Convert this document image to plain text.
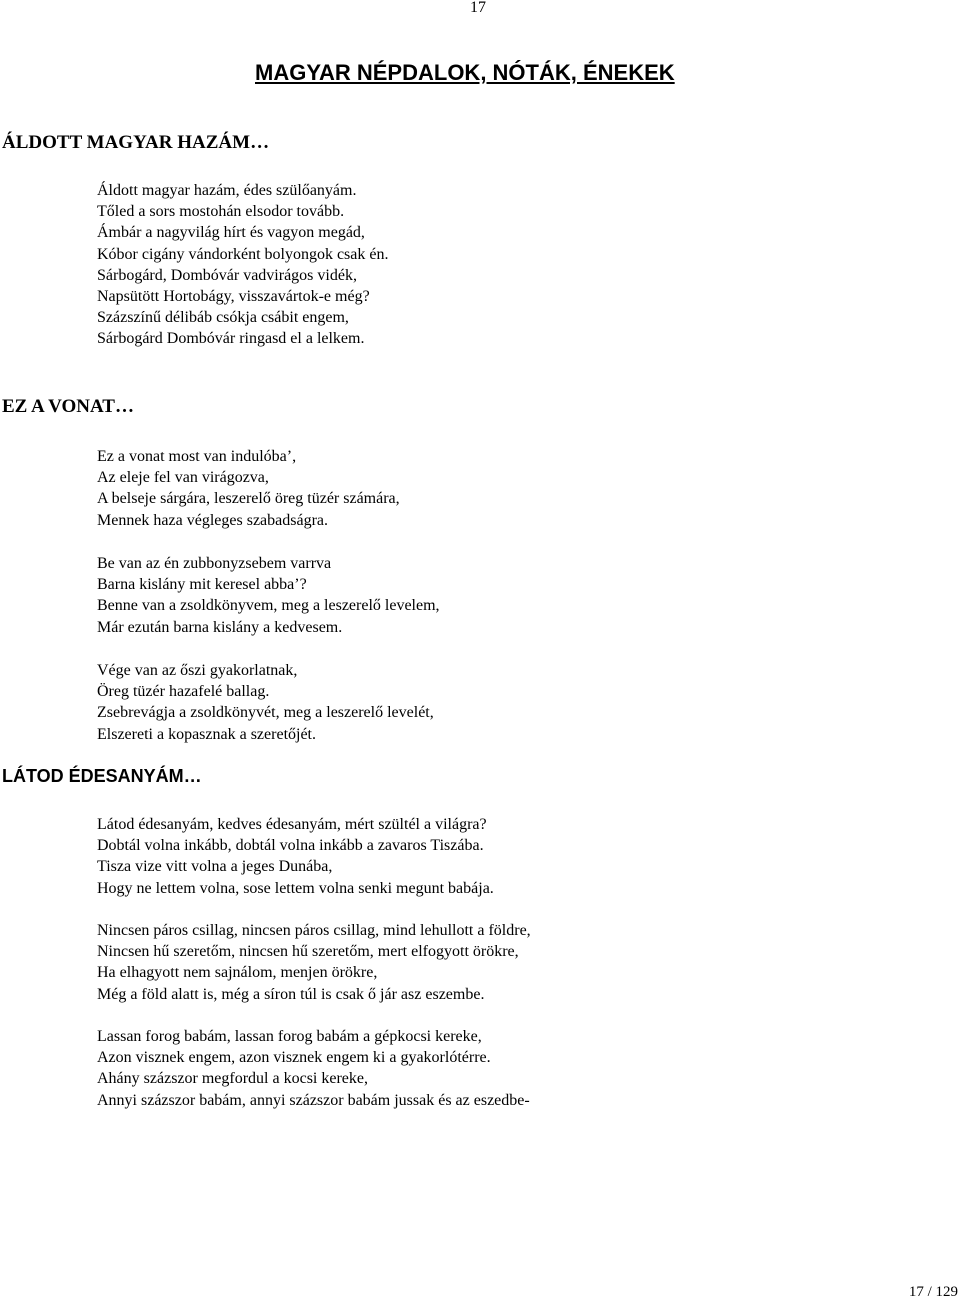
17
MAGYAR NÉPDALOK, NÓTÁK, ÉNEKEK
ÁLDOTT MAGYAR HAZÁM…
Áldott magyar hazám, édes szülőanyám.
Tőled a sors mostohán elsodor tovább.
Ámbár a nagyvilág hírt és vagyon megád,
Kóbor cigány vándorként bolyongok csak én.
Sárbogárd, Dombóvár vadvirágos vidék,
Napsütött Hortobágy, visszavártok-e még?
Százszínű délibáb csókja csábit engem,
Sárbogárd Dombóvár ringasd el a lelkem.
EZ A VONAT…
Ez a vonat most van indulóba’,
Az eleje fel van virágozva,
A belseje sárgára, leszerelő öreg tüzér számára,
Mennek haza végleges szabadságra.
Be van az én zubbonyzsebem varrva
Barna kislány mit keresel abba’?
Benne van a zsoldkönyvem, meg a leszerelő levelem,
Már ezután barna kislány a kedvesem.
Vége van az őszi gyakorlatnak,
Öreg tüzér hazafelé ballag.
Zsebrevágja a zsoldkönyvét, meg a leszerelő levelét,
Elszereti a kopasznak a szeretőjét.
LÁTOD ÉDESANYÁM…
Látod édesanyám, kedves édesanyám, mért szültél a világra?
Dobtál volna inkább, dobtál volna inkább a zavaros Tiszába.
Tisza vize vitt volna a jeges Dunába,
Hogy ne lettem volna, sose lettem volna senki megunt babája.
Nincsen páros csillag, nincsen páros csillag, mind lehullott a földre,
Nincsen hű szeretőm, nincsen hű szeretőm, mert elfogyott örökre,
Ha elhagyott nem sajnálom, menjen örökre,
Még a föld alatt is, még a síron túl is csak ő jár asz eszembe.
Lassan forog babám, lassan forog babám a gépkocsi kereke,
Azon visznek engem, azon visznek engem ki a gyakorlótérre.
Ahány százszor megfordul a kocsi kereke,
Annyi százszor babám, annyi százszor babám jussak és az eszedbe-
17 / 129
